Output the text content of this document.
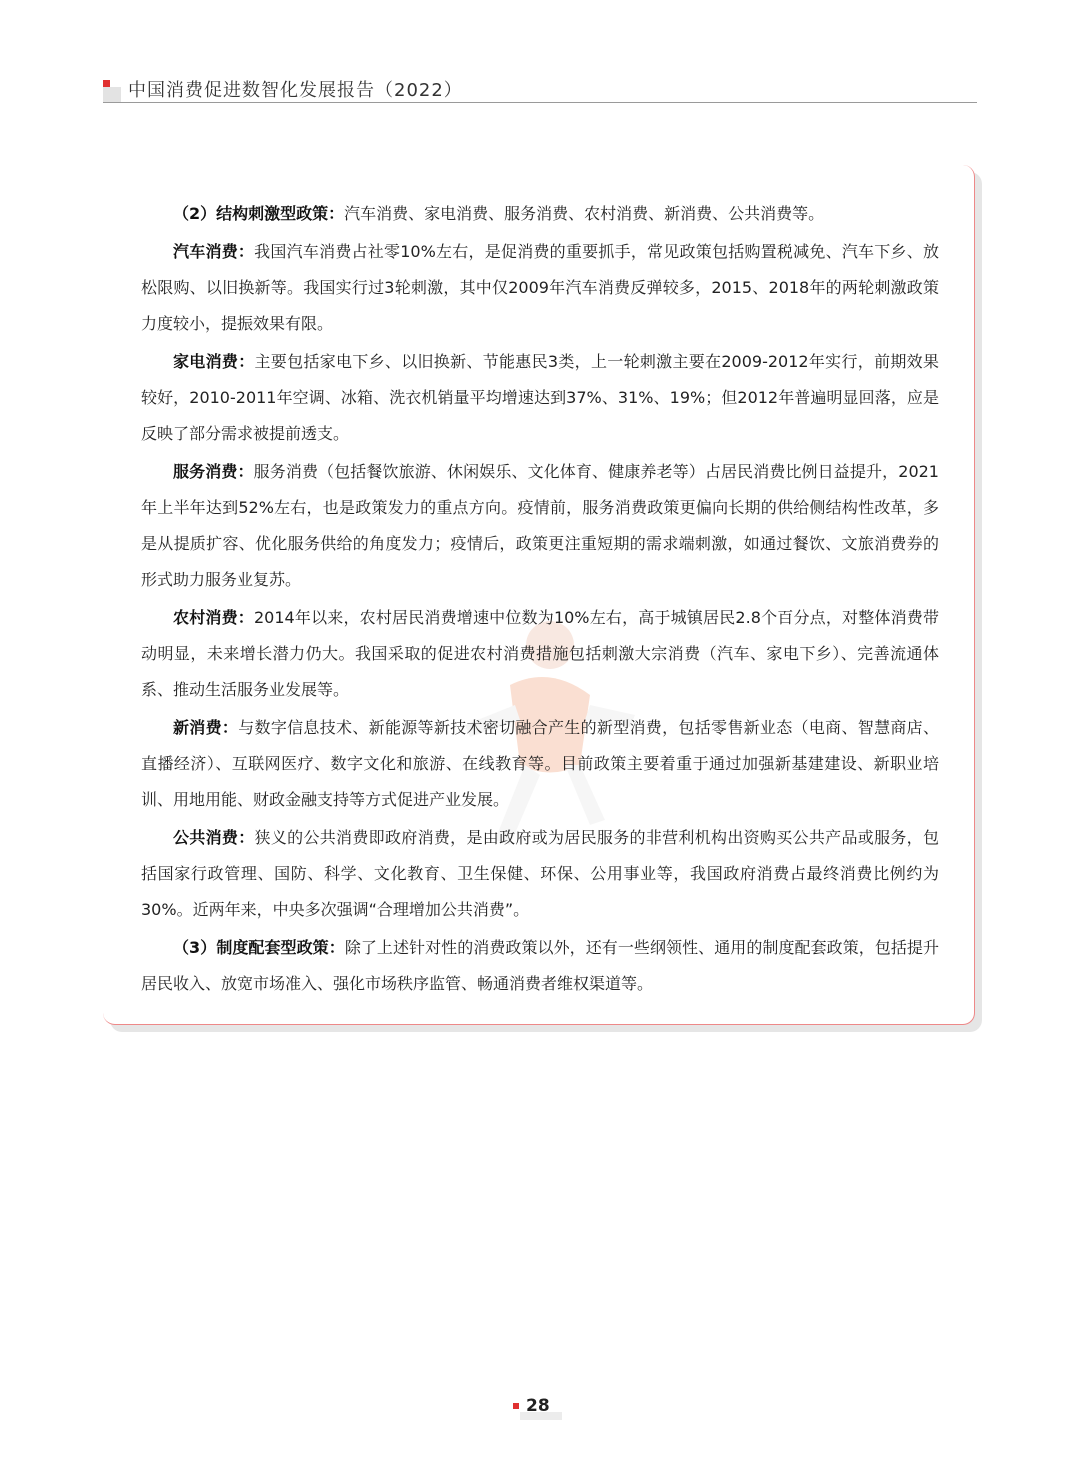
中国消费促进数智化发展报告（2022）

（2）结构刺激型政策：汽车消费、家电消费、服务消费、农村消费、新消费、公共消费等。

汽车消费：我国汽车消费占社零10%左右，是促消费的重要抓手，常见政策包括购置税减免、汽车下乡、放松限购、以旧换新等。我国实行过3轮刺激，其中仅2009年汽车消费反弹较多，2015、2018年的两轮刺激政策力度较小，提振效果有限。

家电消费：主要包括家电下乡、以旧换新、节能惠民3类，上一轮刺激主要在2009-2012年实行，前期效果较好，2010-2011年空调、冰箱、洗衣机销量平均增速达到37%、31%、19%；但2012年普遍明显回落，应是反映了部分需求被提前透支。

服务消费：服务消费（包括餐饮旅游、休闲娱乐、文化体育、健康养老等）占居民消费比例日益提升，2021年上半年达到52%左右，也是政策发力的重点方向。疫情前，服务消费政策更偏向长期的供给侧结构性改革，多是从提质扩容、优化服务供给的角度发力；疫情后，政策更注重短期的需求端刺激，如通过餐饮、文旅消费券的形式助力服务业复苏。

农村消费：2014年以来，农村居民消费增速中位数为10%左右，高于城镇居民2.8个百分点，对整体消费带动明显，未来增长潜力仍大。我国采取的促进农村消费措施包括刺激大宗消费（汽车、家电下乡）、完善流通体系、推动生活服务业发展等。

新消费：与数字信息技术、新能源等新技术密切融合产生的新型消费，包括零售新业态（电商、智慧商店、直播经济）、互联网医疗、数字文化和旅游、在线教育等。目前政策主要着重于通过加强新基建建设、新职业培训、用地用能、财政金融支持等方式促进产业发展。

公共消费：狭义的公共消费即政府消费，是由政府或为居民服务的非营利机构出资购买公共产品或服务，包括国家行政管理、国防、科学、文化教育、卫生保健、环保、公用事业等，我国政府消费占最终消费比例约为30%。近两年来，中央多次强调“合理增加公共消费”。

（3）制度配套型政策：除了上述针对性的消费政策以外，还有一些纲领性、通用的制度配套政策，包括提升居民收入、放宽市场准入、强化市场秩序监管、畅通消费者维权渠道等。

28
